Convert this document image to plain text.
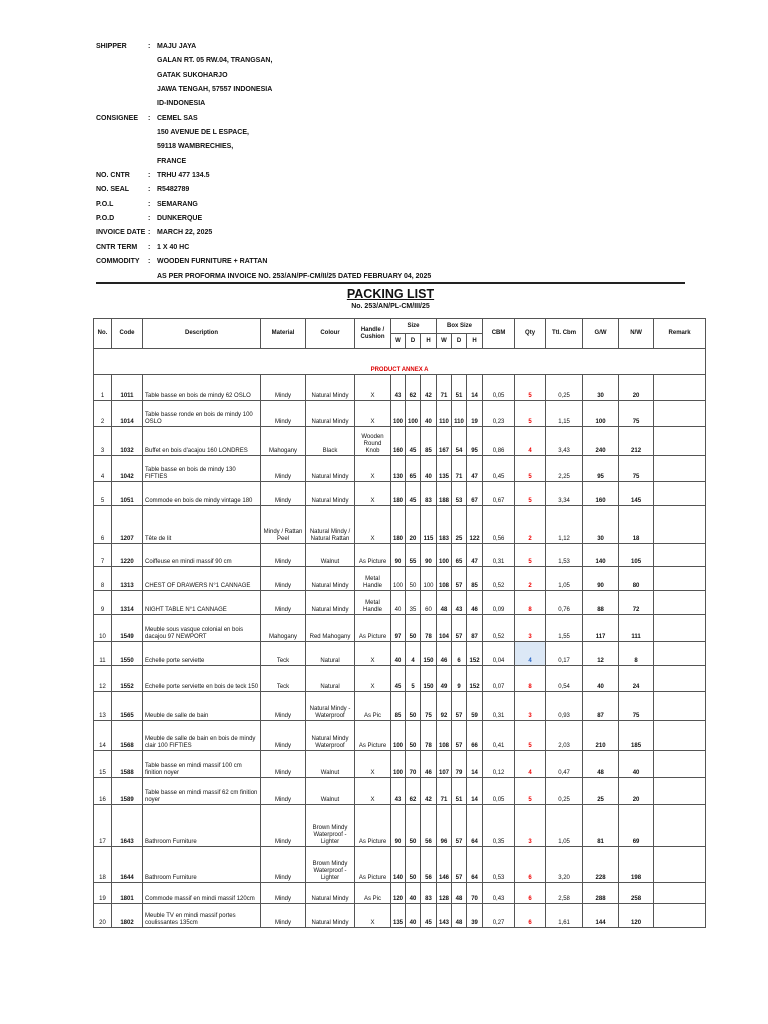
SHIPPER	: MAJU JAYA
GALAN RT. 05 RW.04, TRANGSAN,
GATAK SUKOHARJO
JAWA TENGAH, 57557 INDONESIA
ID-INDONESIA
CONSIGNEE	: CEMEL SAS
150 AVENUE DE L ESPACE,
59118 WAMBRECHIES,
FRANCE
NO. CNTR	: TRHU 477 134.5
NO. SEAL	: R5482789
P.O.L	: SEMARANG
P.O.D	: DUNKERQUE
INVOICE DATE : MARCH 22, 2025
CNTR TERM	: 1 X 40 HC
COMMODITY	: WOODEN FURNITURE + RATTAN
AS PER PROFORMA INVOICE NO. 253/AN/PF-CM/II/25 DATED FEBRUARY 04, 2025
PACKING LIST
No. 253/AN/PL-CM/III/25
No.	Code	Description	Material	Colour	Handle / Cushion	Size			Box Size			CBM	Qty	Ttl. Cbm	G/W	N/W	Remark
						W	D	H	W	D	H						
PRODUCT ANNEX A																	
1	1011	Table basse en bois de mindy 62 OSLO	Mindy	Natural Mindy	X	43	62	42	71	51	14	0,05	5	0,25	30	20	
2	1014	Table basse ronde en bois de mindy 100 OSLO	Mindy	Natural Mindy	X	100	100	40	110	110	19	0,23	5	1,15	100	75	
3	1032	Buffet en bois d'acajou 160 LONDRES	Mahogany	Black	Wooden Round Knob	160	45	85	167	54	95	0,86	4	3,43	240	212	
4	1042	Table basse en bois de mindy 130 FIFTIES	Mindy	Natural Mindy	X	130	65	40	135	71	47	0,45	5	2,25	95	75	
5	1051	Commode en bois de mindy vintage 180	Mindy	Natural Mindy	X	180	45	83	188	53	67	0,67	5	3,34	160	145	
6	1207	Tête de lit	Mindy / Rattan Peel	Natural Mindy / Natural Rattan	X	180	20	115	183	25	122	0,56	2	1,12	30	18	
7	1220	Coiffeuse en mindi massif 90 cm	Mindy	Walnut	As Picture	90	55	90	100	65	47	0,31	5	1,53	140	105	
8	1313	CHEST OF DRAWERS N°1 CANNAGE	Mindy	Natural Mindy	Metal Handle	100	50	100	108	57	85	0,52	2	1,05	90	80	
9	1314	NIGHT TABLE N°1 CANNAGE	Mindy	Natural Mindy	Metal Handle	40	35	60	48	43	46	0,09	8	0,76	88	72	
10	1549	Meuble sous vasque colonial en bois dacajou 97 NEWPORT	Mahogany	Red Mahogany	As Picture	97	50	78	104	57	87	0,52	3	1,55	117	111	
11	1550	Echelle porte serviette	Teck	Natural	X	40	4	150	46	6	152	0,04	4	0,17	12	8	
12	1552	Echelle porte serviette en bois de teck 150	Teck	Natural	X	45	5	150	49	9	152	0,07	8	0,54	40	24	
13	1565	Meuble de salle de bain	Mindy	Natural Mindy - Waterproof	As Pic	85	50	75	92	57	59	0,31	3	0,93	87	75	
14	1568	Meuble de salle de bain en bois de mindy clair 100 FIFTIES	Mindy	Natural Mindy Waterproof	As Picture	100	50	78	108	57	66	0,41	5	2,03	210	185	
15	1588	Table basse en mindi massif 100 cm finition noyer	Mindy	Walnut	X	100	70	46	107	79	14	0,12	4	0,47	48	40	
16	1589	Table basse en mindi massif 62 cm finition noyer	Mindy	Walnut	X	43	62	42	71	51	14	0,05	5	0,25	25	20	
17	1643	Bathroom Furniture	Mindy	Brown Mindy Waterproof - Lighter	As Picture	90	50	56	96	57	64	0,35	3	1,05	81	69	
18	1644	Bathroom Furniture	Mindy	Brown Mindy Waterproof - Lighter	As Picture	140	50	56	146	57	64	0,53	6	3,20	228	198	
19	1801	Commode massif en mindi massif 120cm	Mindy	Natural Mindy	As Pic	120	40	83	128	48	70	0,43	6	2,58	288	258	
20	1802	Meuble TV en mindi massif portes coulissantes 135cm	Mindy	Natural Mindy	X	135	40	45	143	48	39	0,27	6	1,61	144	120	
